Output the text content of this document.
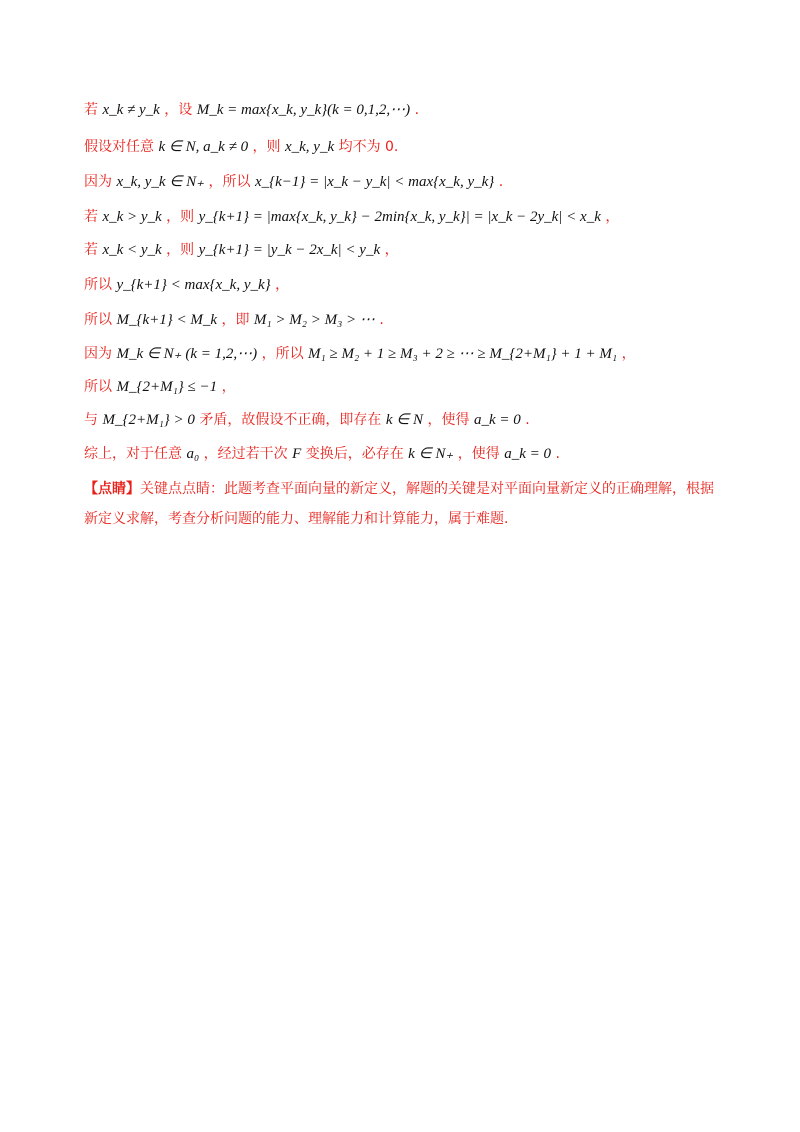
若 x_k ≠ y_k ，设 M_k = max{x_k, y_k}(k = 0,1,2,⋯) .
假设对任意 k ∈ N, a_k ≠ 0 ，则 x_k, y_k 均不为 0.
因为 x_k, y_k ∈ N₊ ，所以 x_{k−1} = |x_k − y_k| < max{x_k, y_k} .
若 x_k > y_k ，则 y_{k+1} = |max{x_k, y_k} − 2min{x_k, y_k}| = |x_k − 2y_k| < x_k ，
若 x_k < y_k ，则 y_{k+1} = |y_k − 2x_k| < y_k ，
所以 y_{k+1} < max{x_k, y_k} ，
所以 M_{k+1} < M_k ，即 M₁ > M₂ > M₃ > ⋯ .
因为 M_k ∈ N₊ (k = 1,2,⋯) ，所以 M₁ ≥ M₂ + 1 ≥ M₃ + 2 ≥ ⋯ ≥ M_{2+M₁} + 1 + M₁ ，
所以 M_{2+M₁} ≤ −1 ，
与 M_{2+M₁} > 0 矛盾，故假设不正确，即存在 k ∈ N ，使得 a_k = 0 .
综上，对于任意 a₀ ，经过若干次 F 变换后，必存在 k ∈ N₊ ，使得 a_k = 0 .
【点睛】关键点点睛：此题考查平面向量的新定义，解题的关键是对平面向量新定义的正确理解，根据新定义求解，考查分析问题的能力、理解能力和计算能力，属于难题.
